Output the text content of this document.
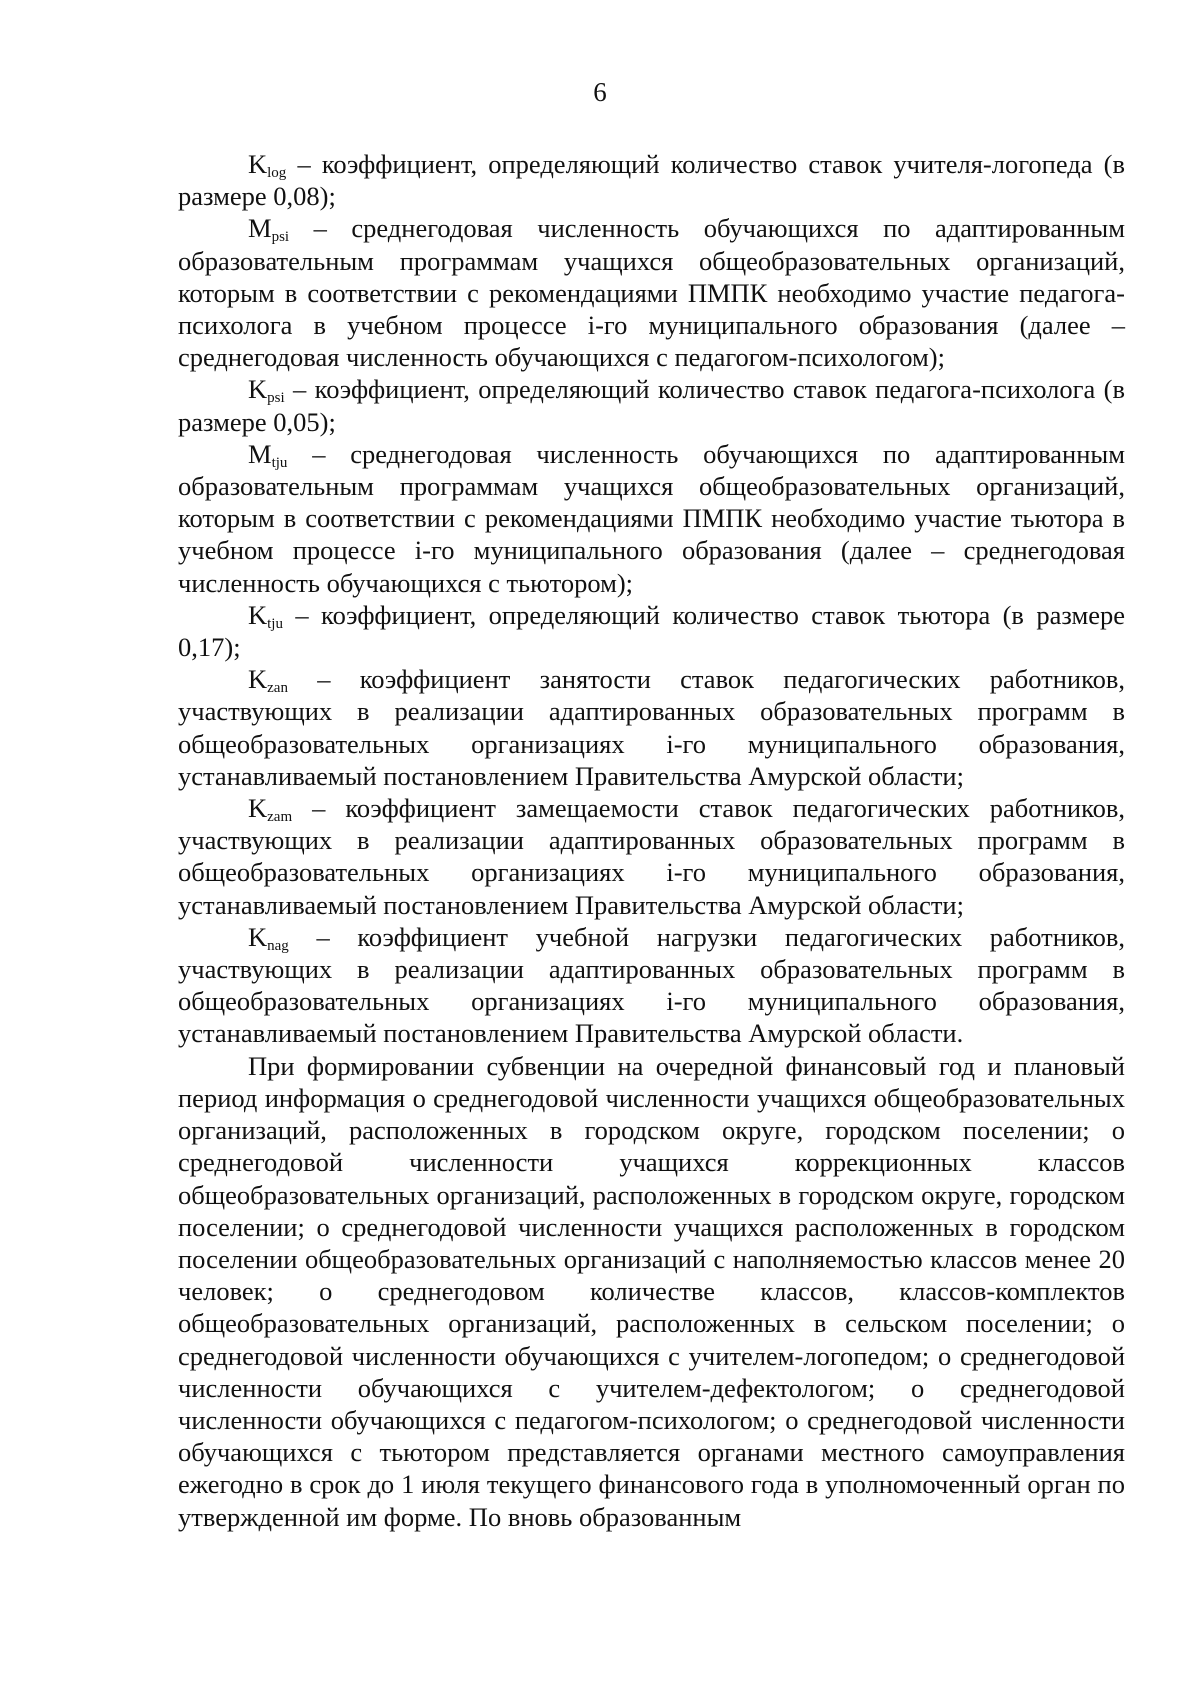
6

$K_{log}$ – коэффициент, определяющий количество ставок учителя-логопеда (в размере 0,08);

$M_{psi}$ – среднегодовая численность обучающихся по адаптированным образовательным программам учащихся общеобразовательных организаций, которым в соответствии с рекомендациями ПМПК необходимо участие педагога-психолога в учебном процессе i-го муниципального образования (далее – среднегодовая численность обучающихся с педагогом-психологом);

$K_{psi}$ – коэффициент, определяющий количество ставок педагога-психолога (в размере 0,05);

$M_{tju}$ – среднегодовая численность обучающихся по адаптированным образовательным программам учащихся общеобразовательных организаций, которым в соответствии с рекомендациями ПМПК необходимо участие тьютора в учебном процессе i-го муниципального образования (далее – среднегодовая численность обучающихся с тьютором);

$K_{tju}$ – коэффициент, определяющий количество ставок тьютора (в размере 0,17);

$K_{zan}$ – коэффициент занятости ставок педагогических работников, участвующих в реализации адаптированных образовательных программ в общеобразовательных организациях i-го муниципального образования, устанавливаемый постановлением Правительства Амурской области;

$K_{zam}$ – коэффициент замещаемости ставок педагогических работников, участвующих в реализации адаптированных образовательных программ в общеобразовательных организациях i-го муниципального образования, устанавливаемый постановлением Правительства Амурской области;

$K_{nag}$ – коэффициент учебной нагрузки педагогических работников, участвующих в реализации адаптированных образовательных программ в общеобразовательных организациях i-го муниципального образования, устанавливаемый постановлением Правительства Амурской области.

При формировании субвенции на очередной финансовый год и плановый период информация о среднегодовой численности учащихся общеобразовательных организаций, расположенных в городском округе, городском поселении; о среднегодовой численности учащихся коррекционных классов общеобразовательных организаций, расположенных в городском округе, городском поселении; о среднегодовой численности учащихся расположенных в городском поселении общеобразовательных организаций с наполняемостью классов менее 20 человек; о среднегодовом количестве классов, классов-комплектов общеобразовательных организаций, расположенных в сельском поселении; о среднегодовой численности обучающихся с учителем-логопедом; о среднегодовой численности обучающихся с учителем-дефектологом; о среднегодовой численности обучающихся с педагогом-психологом; о среднегодовой численности обучающихся с тьютором представляется органами местного самоуправления ежегодно в срок до 1 июля текущего финансового года в уполномоченный орган по утвержденной им форме. По вновь образованным
